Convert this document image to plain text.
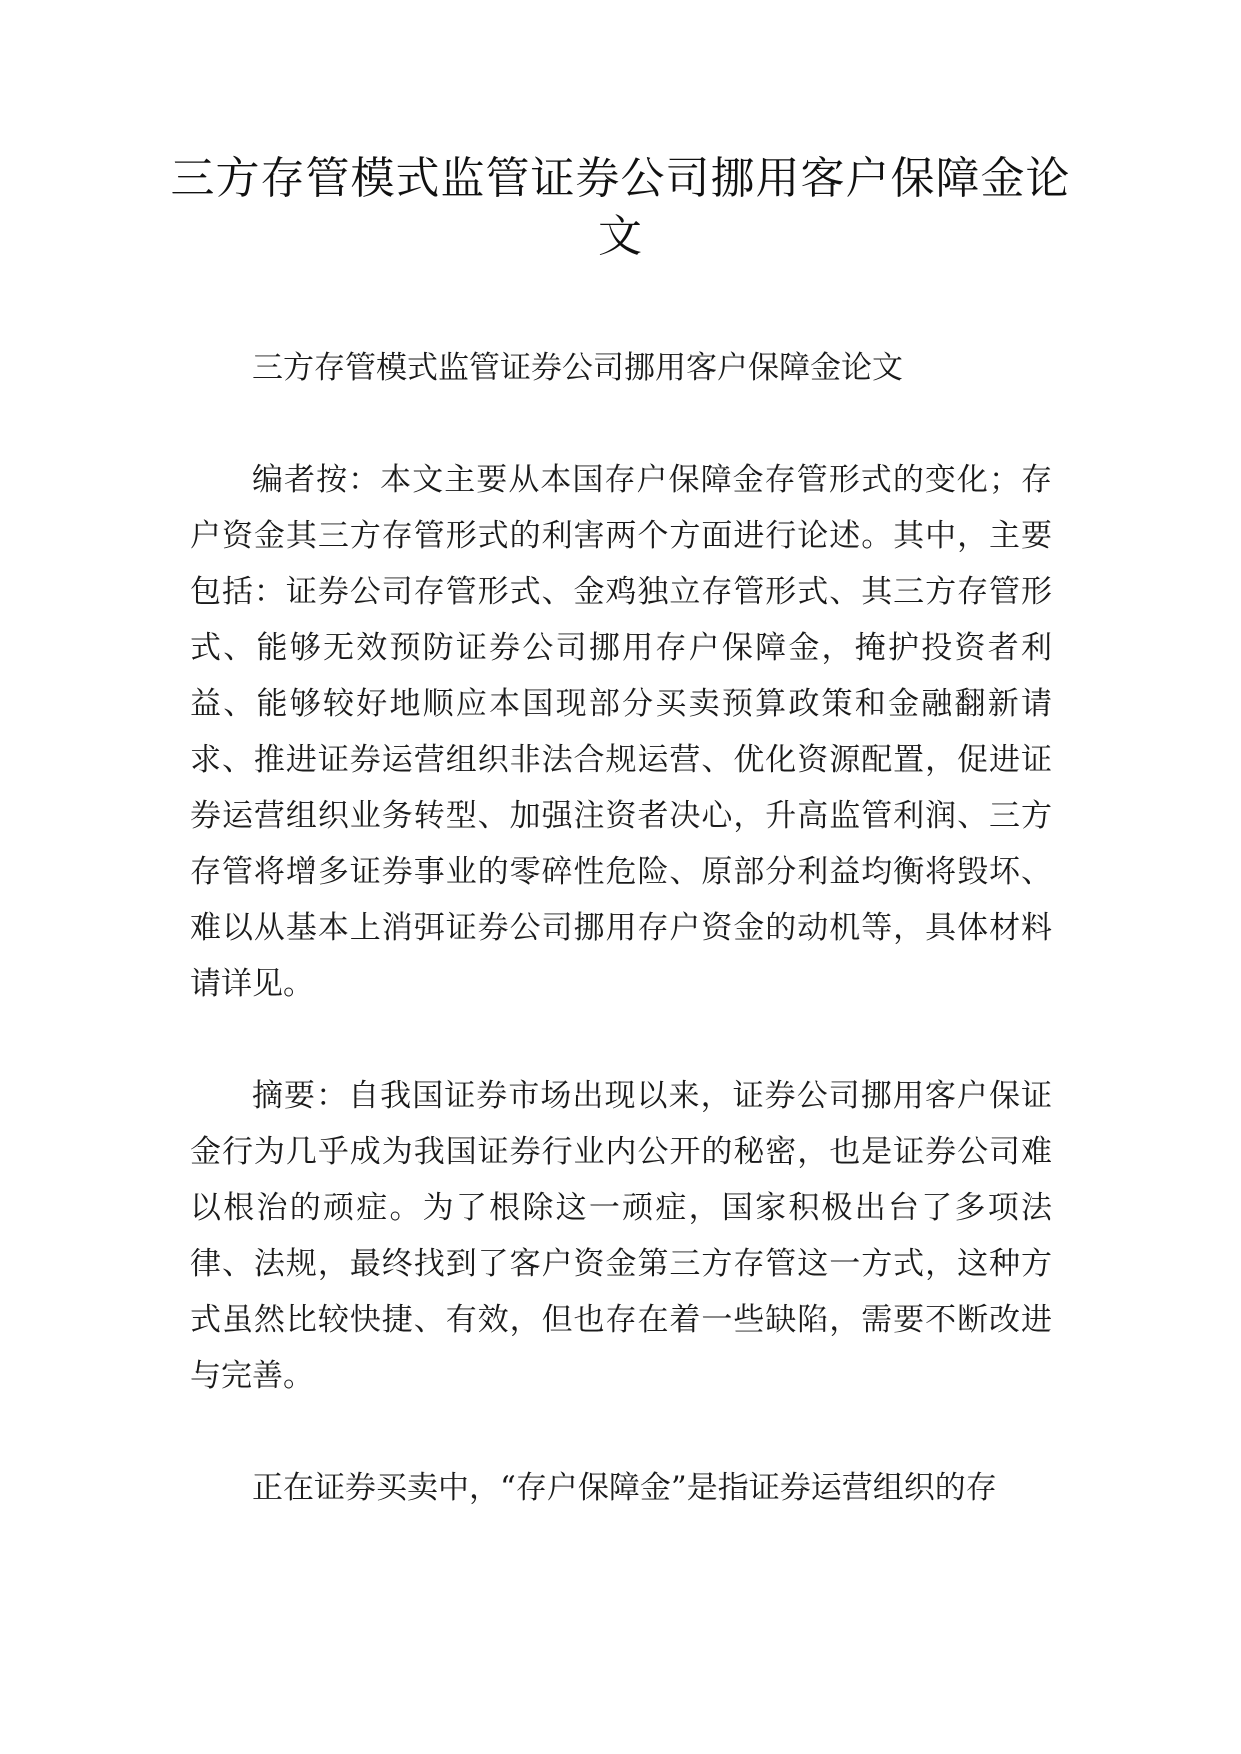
三方存管模式监管证券公司挪用客户保障金论文

三方存管模式监管证券公司挪用客户保障金论文

编者按：本文主要从本国存户保障金存管形式的变化；存户资金其三方存管形式的利害两个方面进行论述。其中，主要包括：证券公司存管形式、金鸡独立存管形式、其三方存管形式、能够无效预防证券公司挪用存户保障金，掩护投资者利益、能够较好地顺应本国现部分买卖预算政策和金融翻新请求、推进证券运营组织非法合规运营、优化资源配置，促进证券运营组织业务转型、加强注资者决心，升高监管利润、三方存管将增多证券事业的零碎性危险、原部分利益均衡将毁坏、难以从基本上消弭证券公司挪用存户资金的动机等，具体材料请详见。

摘要：自我国证券市场出现以来，证券公司挪用客户保证金行为几乎成为我国证券行业内公开的秘密，也是证券公司难以根治的顽症。为了根除这一顽症，国家积极出台了多项法律、法规，最终找到了客户资金第三方存管这一方式，这种方式虽然比较快捷、有效，但也存在着一些缺陷，需要不断改进与完善。

正在证券买卖中，“存户保障金”是指证券运营组织的存
